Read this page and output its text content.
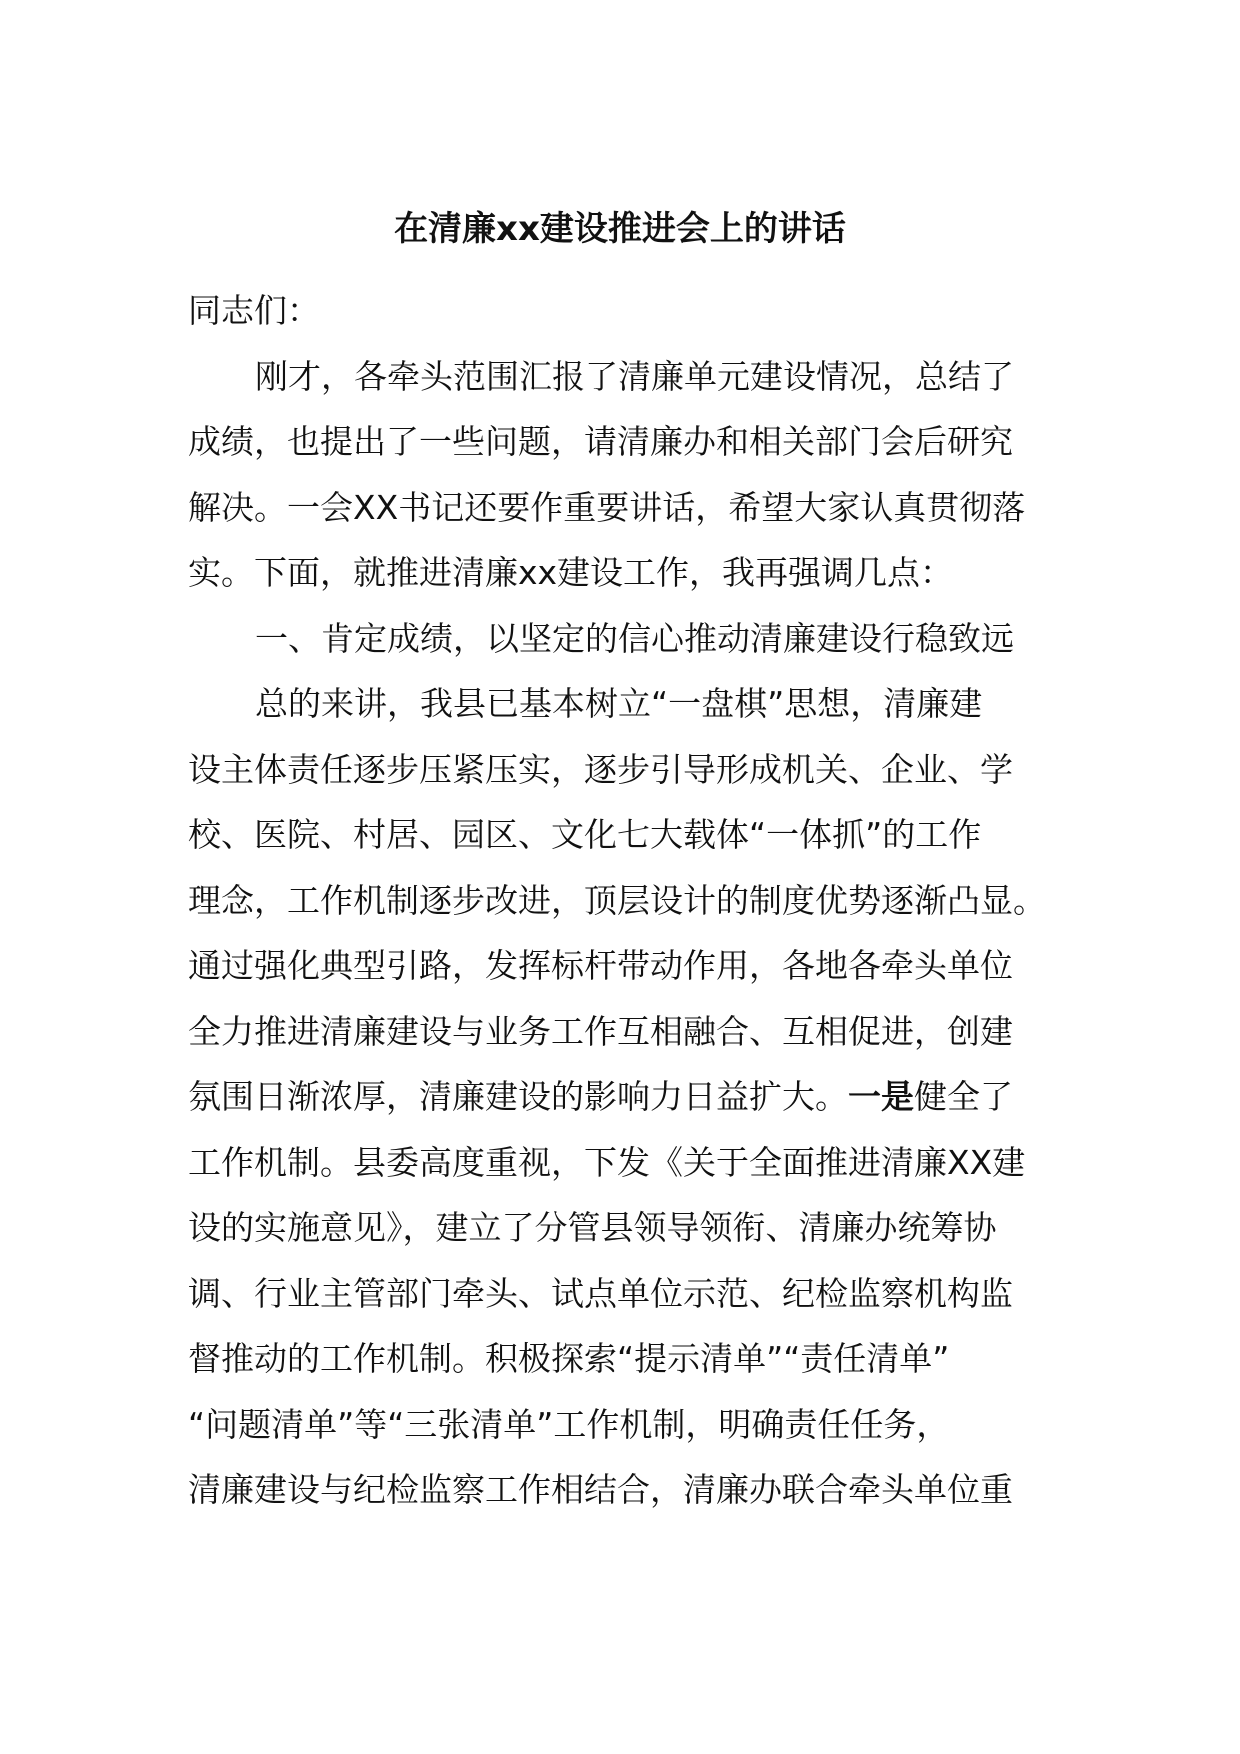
在清廉xx建设推进会上的讲话
同志们：
刚才，各牵头范围汇报了清廉单元建设情况，总结了
成绩，也提出了一些问题，请清廉办和相关部门会后研究
解决。一会XX书记还要作重要讲话，希望大家认真贯彻落
实。下面，就推进清廉xx建设工作，我再强调几点：
一、肯定成绩，以坚定的信心推动清廉建设行稳致远
总的来讲，我县已基本树立“一盘棋”思想，清廉建
设主体责任逐步压紧压实，逐步引导形成机关、企业、学
校、医院、村居、园区、文化七大载体“一体抓”的工作
理念，工作机制逐步改进，顶层设计的制度优势逐渐凸显。
通过强化典型引路，发挥标杆带动作用，各地各牵头单位
全力推进清廉建设与业务工作互相融合、互相促进，创建
氛围日渐浓厚，清廉建设的影响力日益扩大。一是健全了
工作机制。县委高度重视，下发《关于全面推进清廉XX建
设的实施意见》，建立了分管县领导领衔、清廉办统筹协
调、行业主管部门牵头、试点单位示范、纪检监察机构监
督推动的工作机制。积极探索“提示清单”“责任清单”
“问题清单”等“三张清单”工作机制，明确责任任务，
清廉建设与纪检监察工作相结合，清廉办联合牵头单位重
